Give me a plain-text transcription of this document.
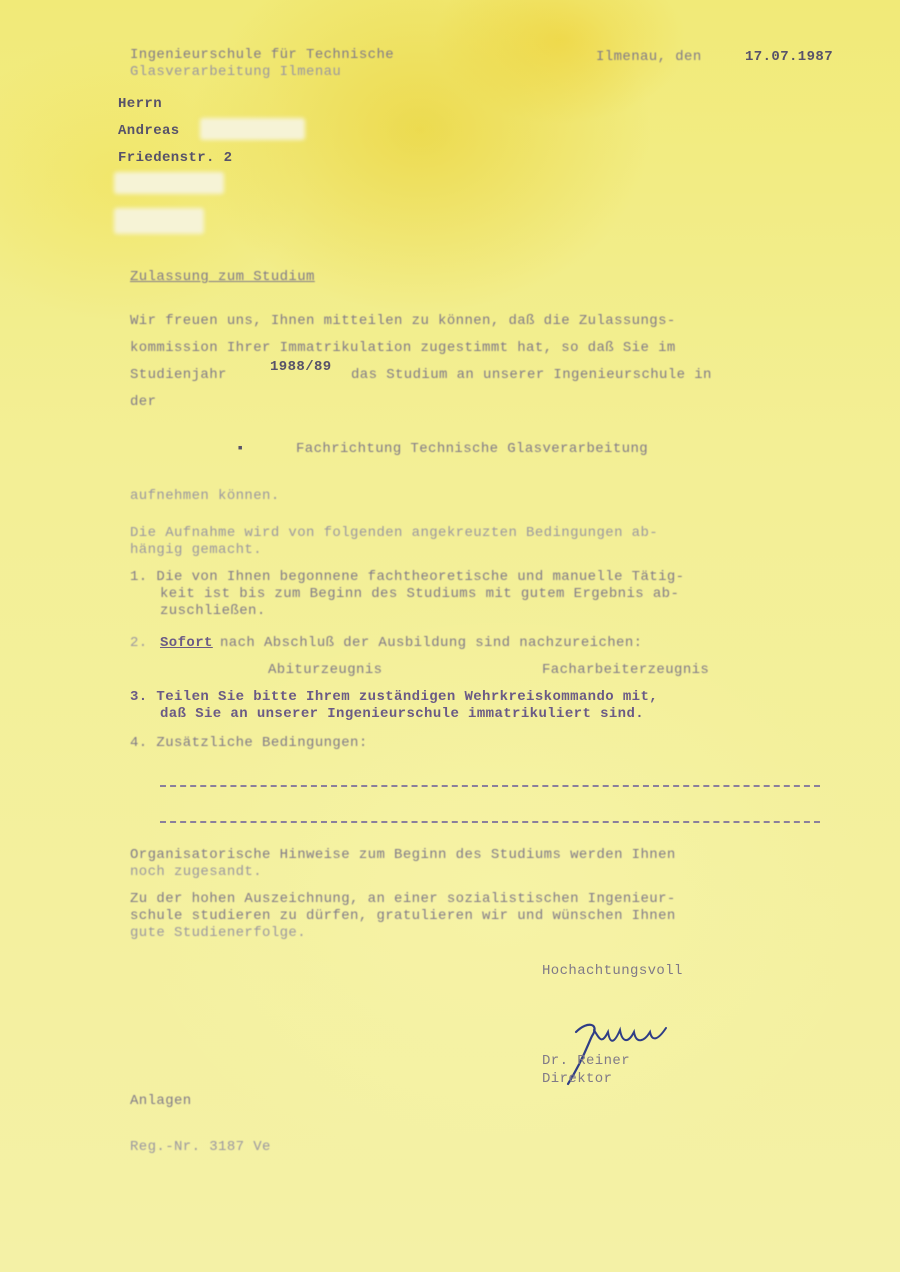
Ingenieurschule für Technische
Glasverarbeitung Ilmenau
Ilmenau, den	17.07.1987
Herrn
Andreas
Friedenstr. 2
Zulassung zum Studium
Wir freuen uns, Ihnen mitteilen zu können, daß die Zulassungs-
kommission Ihrer Immatrikulation zugestimmt hat, so daß Sie im
Studienjahr	1988/89 das Studium an unserer Ingenieurschule in
der
▪	Fachrichtung Technische Glasverarbeitung
aufnehmen können.
Die Aufnahme wird von folgenden angekreuzten Bedingungen ab-
hängig gemacht.
1. Die von Ihnen begonnene fachtheoretische und manuelle Tätig-
keit ist bis zum Beginn des Studiums mit gutem Ergebnis ab-
zuschließen.
2. Sofort nach Abschluß der Ausbildung sind nachzureichen:
Abiturzeugnis	Facharbeiterzeugnis
3. Teilen Sie bitte Ihrem zuständigen Wehrkreiskommando mit,
daß Sie an unserer Ingenieurschule immatrikuliert sind.
4. Zusätzliche Bedingungen:
Organisatorische Hinweise zum Beginn des Studiums werden Ihnen
noch zugesandt.
Zu der hohen Auszeichnung, an einer sozialistischen Ingenieur-
schule studieren zu dürfen, gratulieren wir und wünschen Ihnen
gute Studienerfolge.
Hochachtungsvoll
Dr. Reiner
Direktor
Anlagen
Reg.-Nr. 3187 Ve
